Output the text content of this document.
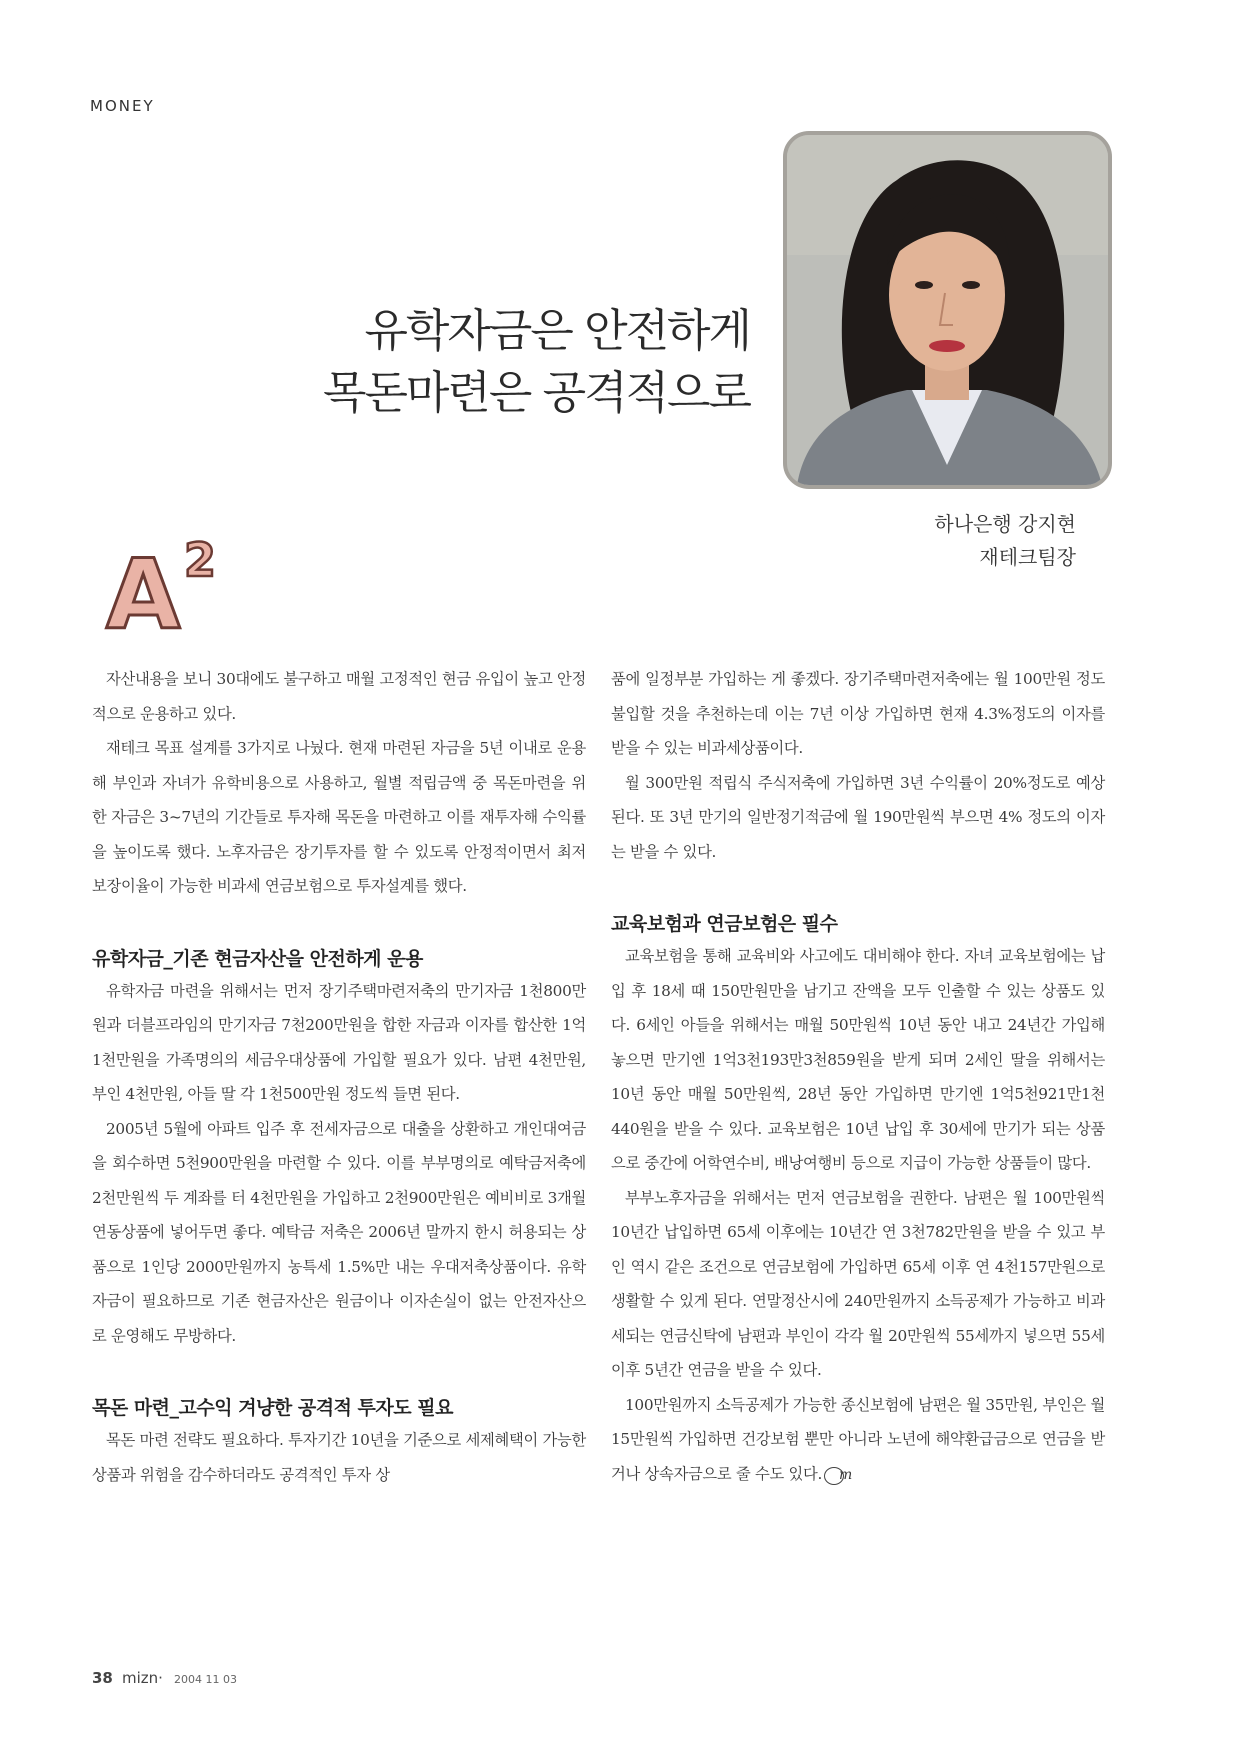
MONEY
유학자금은 안전하게
목돈마련은 공격적으로
하나은행 강지현
재테크팀장
A 2

자산내용을 보니 30대에도 불구하고 매월 고정적인 현금 유입이 높고 안정적으로 운용하고 있다.

재테크 목표 설계를 3가지로 나눴다. 현재 마련된 자금을 5년 이내로 운용해 부인과 자녀가 유학비용으로 사용하고, 월별 적립금액 중 목돈마련을 위한 자금은 3~7년의 기간들로 투자해 목돈을 마련하고 이를 재투자해 수익률을 높이도록 했다. 노후자금은 장기투자를 할 수 있도록 안정적이면서 최저보장이율이 가능한 비과세 연금보험으로 투자설계를 했다.

유학자금_기존 현금자산을 안전하게 운용

유학자금 마련을 위해서는 먼저 장기주택마련저축의 만기자금 1천800만원과 더블프라임의 만기자금 7천200만원을 합한 자금과 이자를 합산한 1억1천만원을 가족명의의 세금우대상품에 가입할 필요가 있다. 남편 4천만원, 부인 4천만원, 아들 딸 각 1천500만원 정도씩 들면 된다.

2005년 5월에 아파트 입주 후 전세자금으로 대출을 상환하고 개인대여금을 회수하면 5천900만원을 마련할 수 있다. 이를 부부명의로 예탁금저축에 2천만원씩 두 계좌를 터 4천만원을 가입하고 2천900만원은 예비비로 3개월 연동상품에 넣어두면 좋다. 예탁금 저축은 2006년 말까지 한시 허용되는 상품으로 1인당 2000만원까지 농특세 1.5%만 내는 우대저축상품이다. 유학자금이 필요하므로 기존 현금자산은 원금이나 이자손실이 없는 안전자산으로 운영해도 무방하다.

목돈 마련_고수익 겨냥한 공격적 투자도 필요

목돈 마련 전략도 필요하다. 투자기간 10년을 기준으로 세제혜택이 가능한 상품과 위험을 감수하더라도 공격적인 투자 상

품에 일정부분 가입하는 게 좋겠다. 장기주택마련저축에는 월 100만원 정도 불입할 것을 추천하는데 이는 7년 이상 가입하면 현재 4.3%정도의 이자를 받을 수 있는 비과세상품이다.

월 300만원 적립식 주식저축에 가입하면 3년 수익률이 20%정도로 예상된다. 또 3년 만기의 일반정기적금에 월 190만원씩 부으면 4% 정도의 이자는 받을 수 있다.

교육보험과 연금보험은 필수

교육보험을 통해 교육비와 사고에도 대비해야 한다. 자녀 교육보험에는 납입 후 18세 때 150만원만을 남기고 잔액을 모두 인출할 수 있는 상품도 있다. 6세인 아들을 위해서는 매월 50만원씩 10년 동안 내고 24년간 가입해 놓으면 만기엔 1억3천193만3천859원을 받게 되며 2세인 딸을 위해서는 10년 동안 매월 50만원씩, 28년 동안 가입하면 만기엔 1억5천921만1천440원을 받을 수 있다. 교육보험은 10년 납입 후 30세에 만기가 되는 상품으로 중간에 어학연수비, 배낭여행비 등으로 지급이 가능한 상품들이 많다.

부부노후자금을 위해서는 먼저 연금보험을 권한다. 남편은 월 100만원씩 10년간 납입하면 65세 이후에는 10년간 연 3천782만원을 받을 수 있고 부인 역시 같은 조건으로 연금보험에 가입하면 65세 이후 연 4천157만원으로 생활할 수 있게 된다. 연말정산시에 240만원까지 소득공제가 가능하고 비과세되는 연금신탁에 남편과 부인이 각각 월 20만원씩 55세까지 넣으면 55세 이후 5년간 연금을 받을 수 있다.

100만원까지 소득공제가 가능한 종신보험에 남편은 월 35만원, 부인은 월 15만원씩 가입하면 건강보험 뿐만 아니라 노년에 해약환급금으로 연금을 받거나 상속자금으로 줄 수도 있다. m

38 mizn· 2004 11 03
